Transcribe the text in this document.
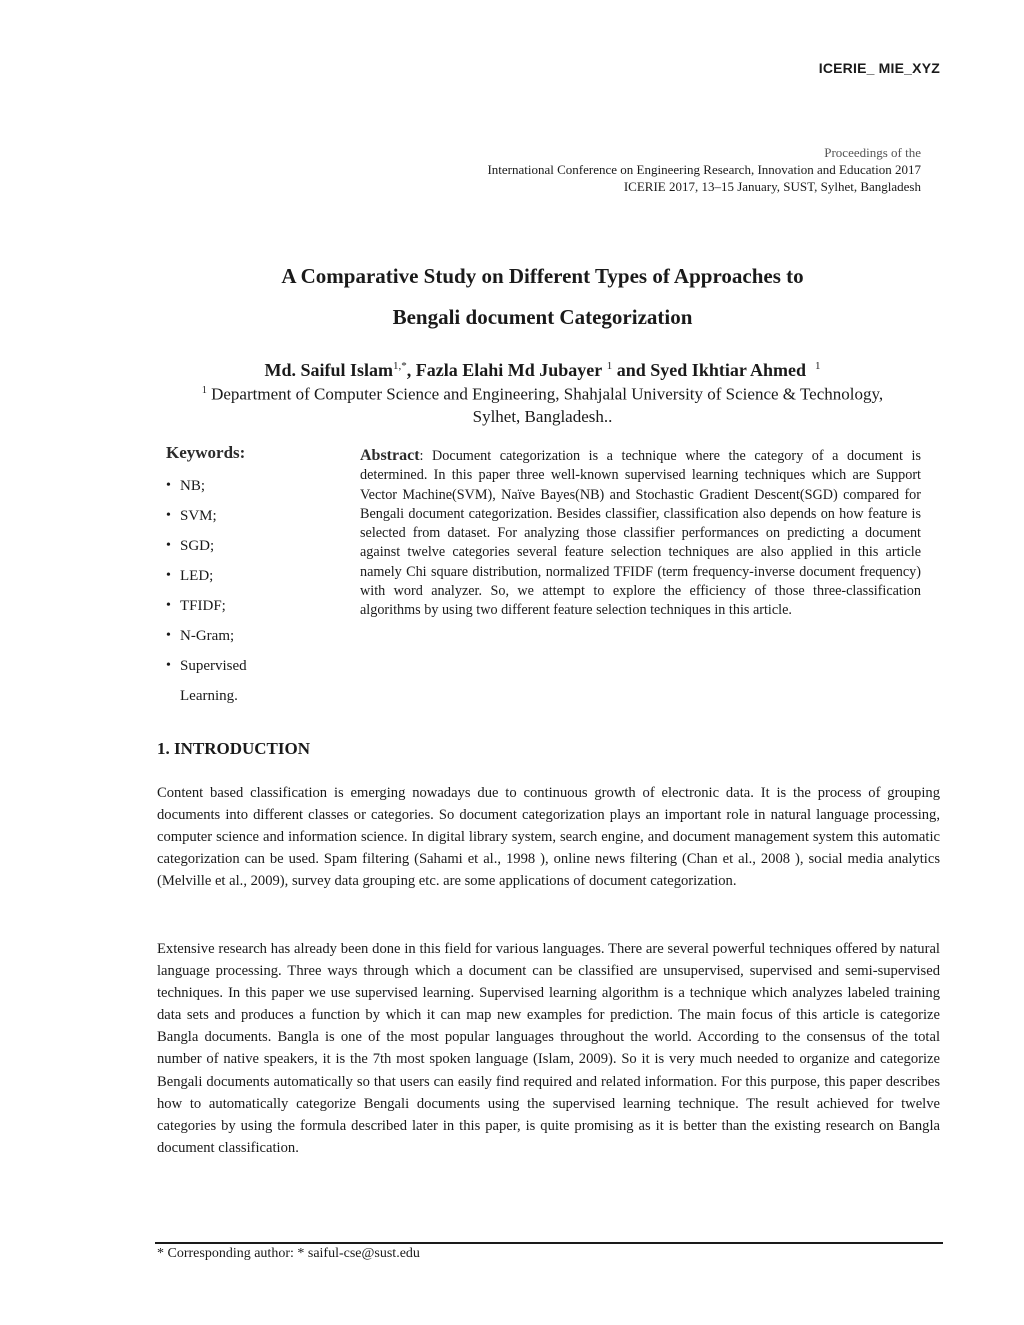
ICERIE_ MIE_XYZ
Proceedings of the
International Conference on Engineering Research, Innovation and Education 2017
ICERIE 2017, 13–15 January, SUST, Sylhet, Bangladesh
A Comparative Study on Different Types of Approaches to
Bengali document Categorization
Md. Saiful Islam$^{1,*}$, Fazla Elahi Md Jubayer $^1$ and Syed Ikhtiar Ahmed $^1$
$^1$ Department of Computer Science and Engineering, Shahjalal University of Science & Technology,
Sylhet, Bangladesh..
Keywords:
• NB;
• SVM;
• SGD;
• LED;
• TFIDF;
• N-Gram;
• Supervised
Learning.
Abstract: Document categorization is a technique where the category of a document is determined. In this paper three well-known supervised learning techniques which are Support Vector Machine(SVM), Naïve Bayes(NB) and Stochastic Gradient Descent(SGD) compared for Bengali document categorization. Besides classifier, classification also depends on how feature is selected from dataset. For analyzing those classifier performances on predicting a document against twelve categories several feature selection techniques are also applied in this article namely Chi square distribution, normalized TFIDF (term frequency-inverse document frequency) with word analyzer. So, we attempt to explore the efficiency of those three-classification algorithms by using two different feature selection techniques in this article.
1. INTRODUCTION
Content based classification is emerging nowadays due to continuous growth of electronic data. It is the process of grouping documents into different classes or categories. So document categorization plays an important role in natural language processing, computer science and information science. In digital library system, search engine, and document management system this automatic categorization can be used. Spam filtering (Sahami et al., 1998 ), online news filtering (Chan et al., 2008 ), social media analytics (Melville et al., 2009), survey data grouping etc. are some applications of document categorization.
Extensive research has already been done in this field for various languages. There are several powerful techniques offered by natural language processing. Three ways through which a document can be classified are unsupervised, supervised and semi-supervised techniques. In this paper we use supervised learning. Supervised learning algorithm is a technique which analyzes labeled training data sets and produces a function by which it can map new examples for prediction. The main focus of this article is categorize Bangla documents. Bangla is one of the most popular languages throughout the world. According to the consensus of the total number of native speakers, it is the 7th most spoken language (Islam, 2009). So it is very much needed to organize and categorize Bengali documents automatically so that users can easily find required and related information. For this purpose, this paper describes how to automatically categorize Bengali documents using the supervised learning technique. The result achieved for twelve categories by using the formula described later in this paper, is quite promising as it is better than the existing research on Bangla document classification.
* Corresponding author: * saiful-cse@sust.edu
